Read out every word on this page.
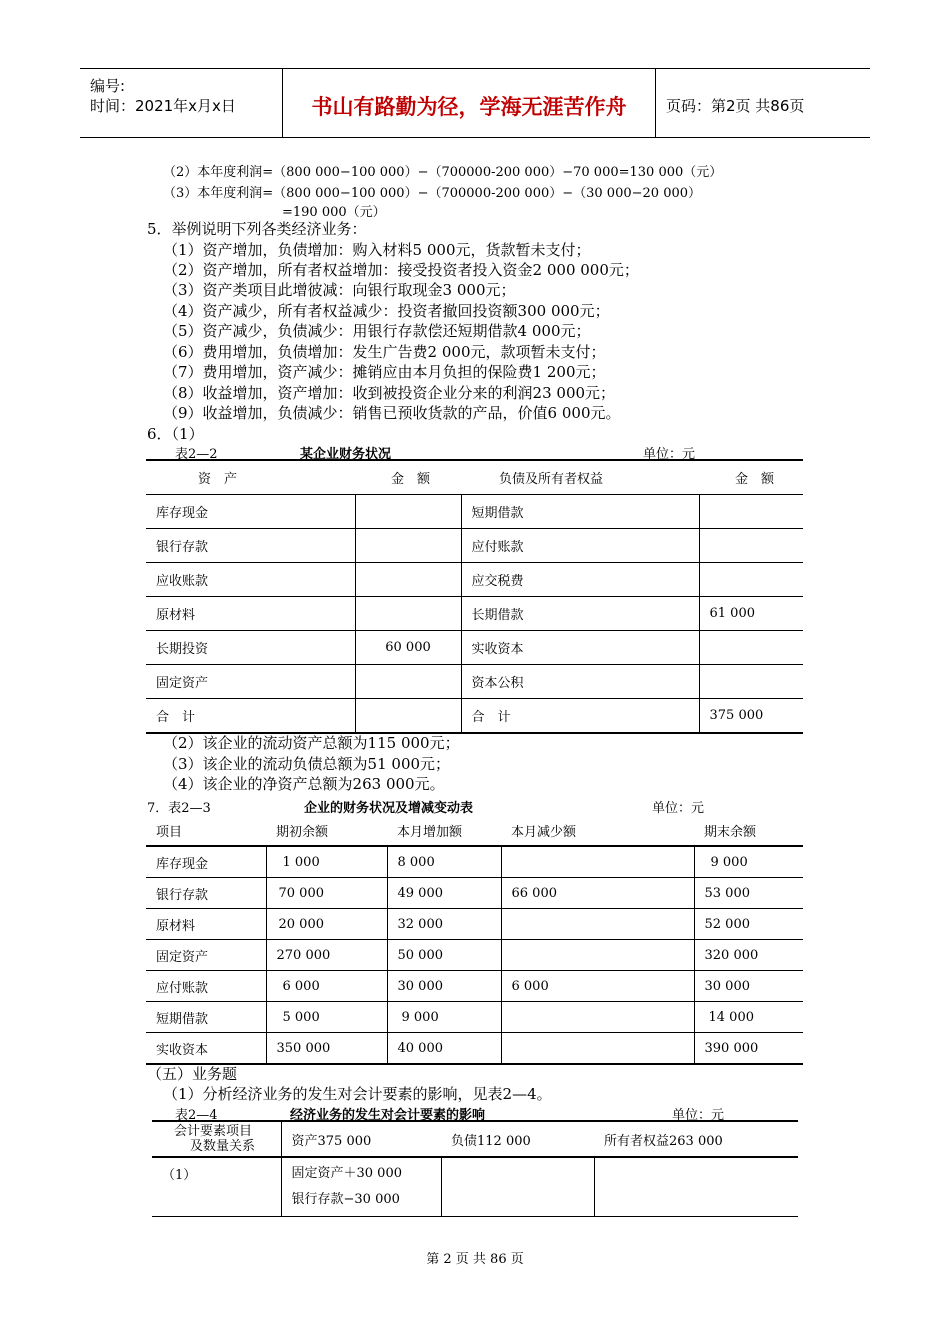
编号:
时间：2021年x月x日	书山有路勤为径，学海无涯苦作舟	页码：第2页 共86页
（2）本年度利润=（800 000−100 000）−（700000-200 000）−70 000=130 000（元）
（3）本年度利润=（800 000−100 000）−（700000-200 000）−（30 000−20 000）
=190 000（元）
5．举例说明下列各类经济业务：
（1）资产增加，负债增加：购入材料5 000元，货款暂未支付；
（2）资产增加，所有者权益增加：接受投资者投入资金2 000 000元；
（3）资产类项目此增彼减：向银行取现金3 000元；
（4）资产减少，所有者权益减少：投资者撤回投资额300 000元；
（5）资产减少，负债减少：用银行存款偿还短期借款4 000元；
（6）费用增加，负债增加：发生广告费2 000元，款项暂未支付；
（7）费用增加，资产减少：摊销应由本月负担的保险费1 200元；
（8）收益增加，资产增加：收到被投资企业分来的利润23 000元；
（9）收益增加，负债减少：销售已预收货款的产品，价值6 000元。
6．（1）
表2—2	某企业财务状况	单位：元
资　产	金　额	负债及所有者权益	金　额
库存现金		短期借款	
银行存款		应付账款	
应收账款		应交税费	
原材料		长期借款	61 000
长期投资	60 000	实收资本	
固定资产		资本公积	
合　计		合　计	375 000
（2）该企业的流动资产总额为115 000元；
（3）该企业的流动负债总额为51 000元；
（4）该企业的净资产总额为263 000元。
7．表2—3	企业的财务状况及增减变动表	单位：元
项目	期初余额	本月增加额	本月减少额	期末余额
库存现金	1 000	8 000		9 000
银行存款	70 000	49 000	66 000	53 000
原材料	20 000	32 000		52 000
固定资产	270 000	50 000		320 000
应付账款	6 000	30 000	6 000	30 000
短期借款	5 000	9 000		14 000
实收资本	350 000	40 000		390 000
（五）业务题
（1）分析经济业务的发生对会计要素的影响，见表2—4。
表2—4	经济业务的发生对会计要素的影响	单位：元
会计要素项目
及数量关系	资产375 000	负债112 000	所有者权益263 000
（1）	固定资产＋30 000
银行存款−30 000		

第 2 页 共 86 页
